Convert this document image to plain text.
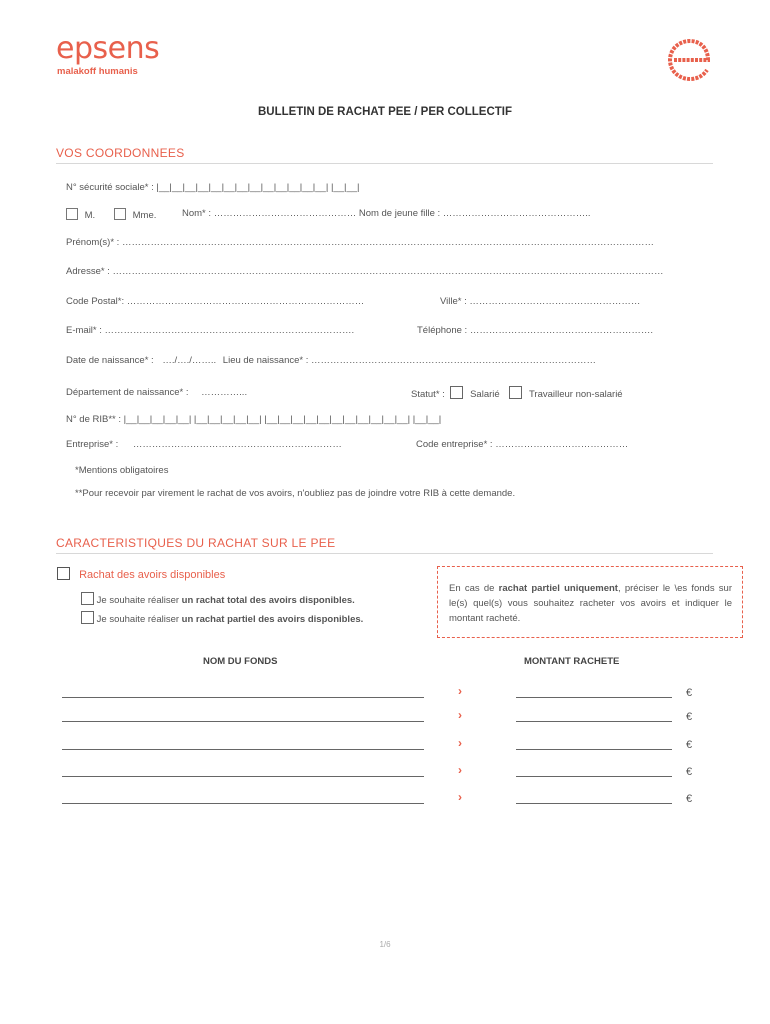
epsens
malakoff humanis
BULLETIN DE RACHAT PEE / PER COLLECTIF
VOS COORDONNEES
N° sécurité sociale* : |__|__|__|__|__|__|__|__|__|__|__|__|__| |__|__|
M.	Mme.	Nom* : ……………………………………… Nom de jeune fille : ………………………………………..
Prénom(s)* : ……………………………………………………………………………………………………………………………………………………
Adresse* : …………………………………………………………………………………………………………………………………………………………
Code Postal*: …………………………………………………………………	Ville* : ………………………………………………
E-mail* : …………………………………………………………………….	Téléphone : ………………………………………………….
Date de naissance* : …./…./…….. Lieu de naissance* : ………………………………………………………………………………
Département de naissance* : …………...	Statut* :	Salarié	Travailleur non-salarié
N° de RIB** : |__|__|__|__|__| |__|__|__|__|__| |__|__|__|__|__|__|__|__|__|__|__| |__|__|
Entreprise* : …………………………………………………………	Code entreprise* : ……………………………………
*Mentions obligatoires
**Pour recevoir par virement le rachat de vos avoirs, n'oubliez pas de joindre votre RIB à cette demande.
CARACTERISTIQUES DU RACHAT SUR LE PEE
Rachat des avoirs disponibles
Je souhaite réaliser un rachat total des avoirs disponibles.
Je souhaite réaliser un rachat partiel des avoirs disponibles.
En cas de rachat partiel uniquement, préciser le \es fonds sur le(s) quel(s) vous souhaitez racheter vos avoirs et indiquer le montant racheté.
NOM DU FONDS	MONTANT RACHETE
›	€
›	€
›	€
›	€
›	€
1/6
